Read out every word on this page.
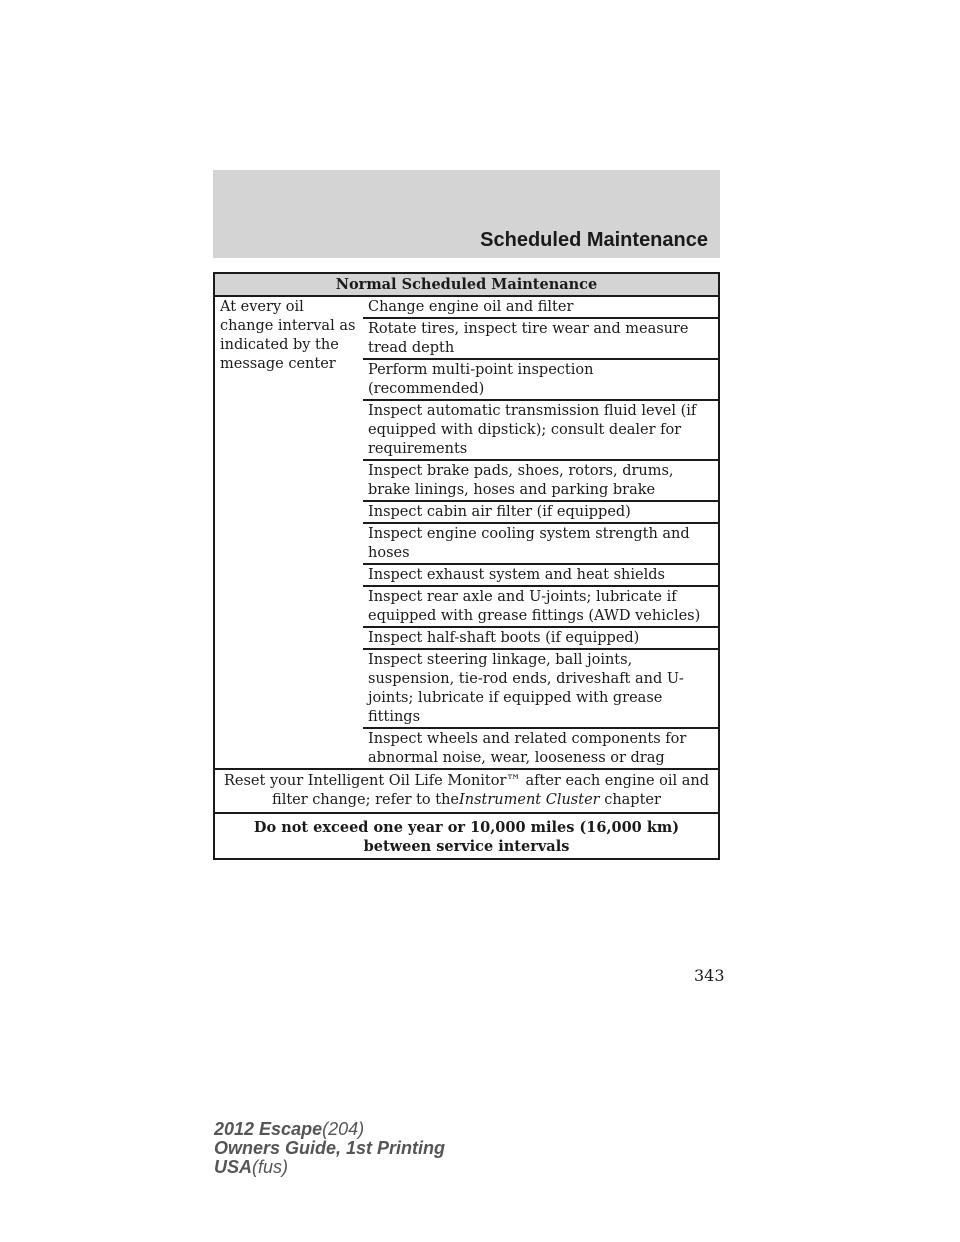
Scheduled Maintenance
Normal Scheduled Maintenance
At every oil change interval as indicated by the message center	Change engine oil and filter
Rotate tires, inspect tire wear and measure tread depth
Perform multi-point inspection (recommended)
Inspect automatic transmission fluid level (if equipped with dipstick); consult dealer for requirements
Inspect brake pads, shoes, rotors, drums, brake linings, hoses and parking brake
Inspect cabin air filter (if equipped)
Inspect engine cooling system strength and hoses
Inspect exhaust system and heat shields
Inspect rear axle and U-joints; lubricate if equipped with grease fittings (AWD vehicles)
Inspect half-shaft boots (if equipped)
Inspect steering linkage, ball joints, suspension, tie-rod ends, driveshaft and U-joints; lubricate if equipped with grease fittings
Inspect wheels and related components for abnormal noise, wear, looseness or drag
Reset your Intelligent Oil Life Monitor™ after each engine oil and filter change; refer to theInstrument Cluster chapter
Do not exceed one year or 10,000 miles (16,000 km) between service intervals
343
2012 Escape(204)
Owners Guide, 1st Printing
USA(fus)
